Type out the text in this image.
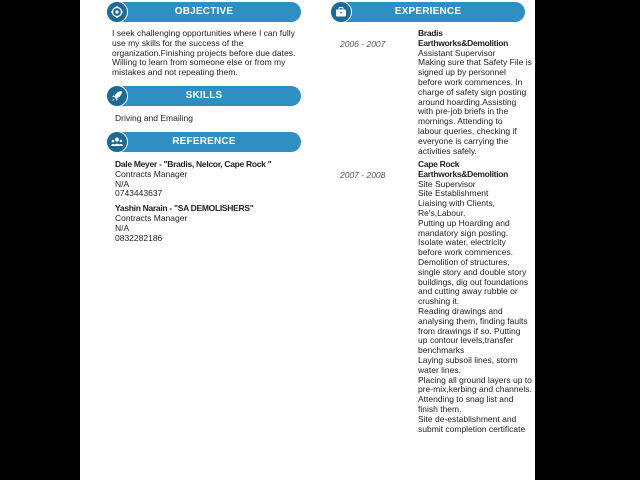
OBJECTIVE
I seek challenging opportunities where I can fully
use my skills for the success of the
organization.Finishing projects before due dates.
Willing to learn from someone else or from my
mistakes and not repeating them.
SKILLS
Driving and Emailing
REFERENCE
Dale Meyer - "Bradis, Nelcor, Cape Rock "
Contracts Manager
N/A
0743443637
Yashin Narain - "SA DEMOLISHERS"
Contracts Manager
N/A
0832282186
EXPERIENCE
2006 - 2007
Bradis
Earthworks&Demolition
Assistant Supervisor
Making sure that Safety File is
signed up by personnel
before work commences. In
charge of safety sign posting
around hoarding.Assisting
with pre-job briefs in the
mornings. Attending to
labour queries, checking if
everyone is carrying the
activities safely.
2007 - 2008
Cape Rock
Earthworks&Demolition
Site Supervisor
Site Establishment
Liaising with Clients,
Re's,Labour.
Putting up Hoarding and
mandatory sign posting.
Isolate water, electricity
before work commences.
Demolition of structures,
single story and double story
buildings, dig out foundations
and cutting away rubble or
crushing it.
Reading drawings and
analysing them, finding faults
from drawings if so. Putting
up contour levels,transfer
benchmarks
Laying subsoil lines, storm
water lines.
Placing all ground layers up to
pre-mix,kerbing and channels.
Attending to snag list and
finish them.
Site de-establishment and
submit completion certificate
